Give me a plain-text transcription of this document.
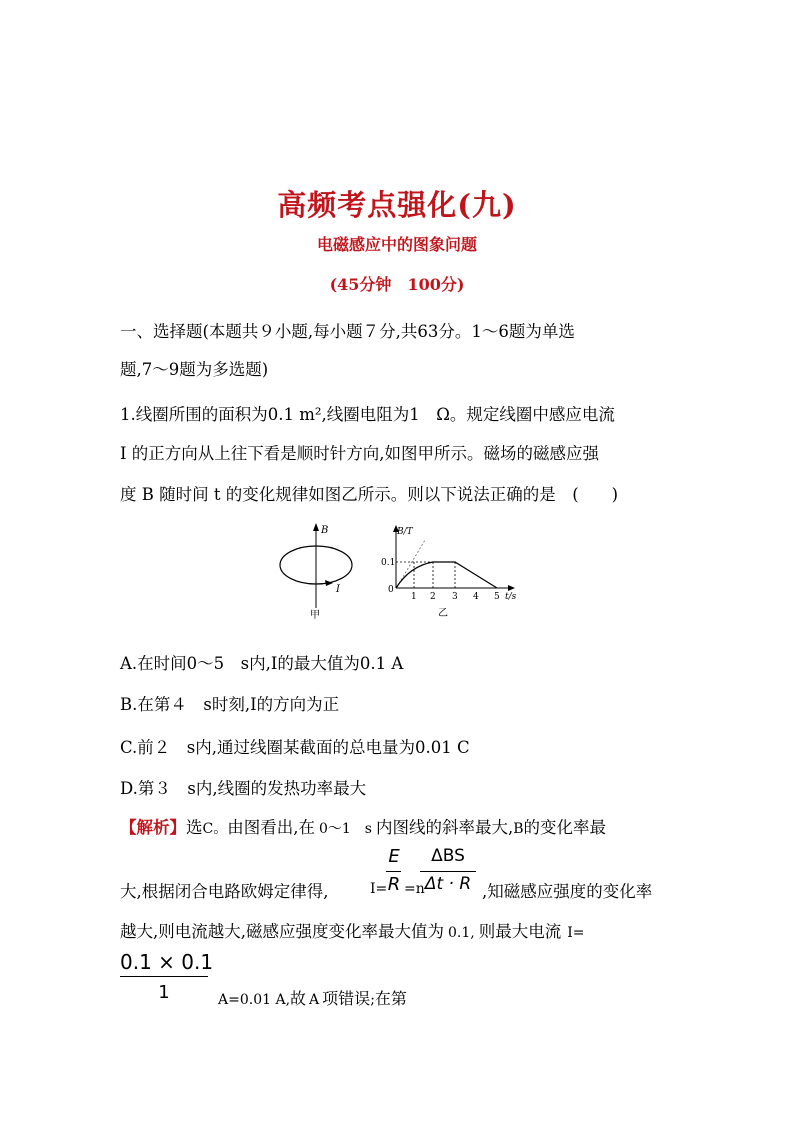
高频考点强化(九)
电磁感应中的图象问题
(45分钟　100分)
一、选择题(本题共９小题,每小题７分,共63分。1～6题为单选
题,7～9题为多选题)
1.线圈所围的面积为0.1 m²,线圈电阻为1　Ω。规定线圈中感应电流
I 的正方向从上往下看是顺时针方向,如图甲所示。磁场的磁感应强
度 B 随时间 t 的变化规律如图乙所示。则以下说法正确的是　(　　)
B
I
甲
B/T
0.1
0
1 2 3 4 5 t/s
乙
A.在时间0～5　s内,I的最大值为0.1 A
B.在第４　s时刻,I的方向为正
C.前２　s内,通过线圈某截面的总电量为0.01 C
D.第３　s内,线圈的发热功率最大
【解析】选C。由图看出,在 0～1　s 内图线的斜率最大,B的变化率最
大,根据闭合电路欧姆定律得,	I=
E
R =n
ΔBS
Δt · R ,知磁感应强度的变化率
越大,则电流越大,磁感应强度变化率最大值为 0.1, 则最大电流 I=
0.1 × 0.1
1	A=0.01 A,故 A 项错误;在第
